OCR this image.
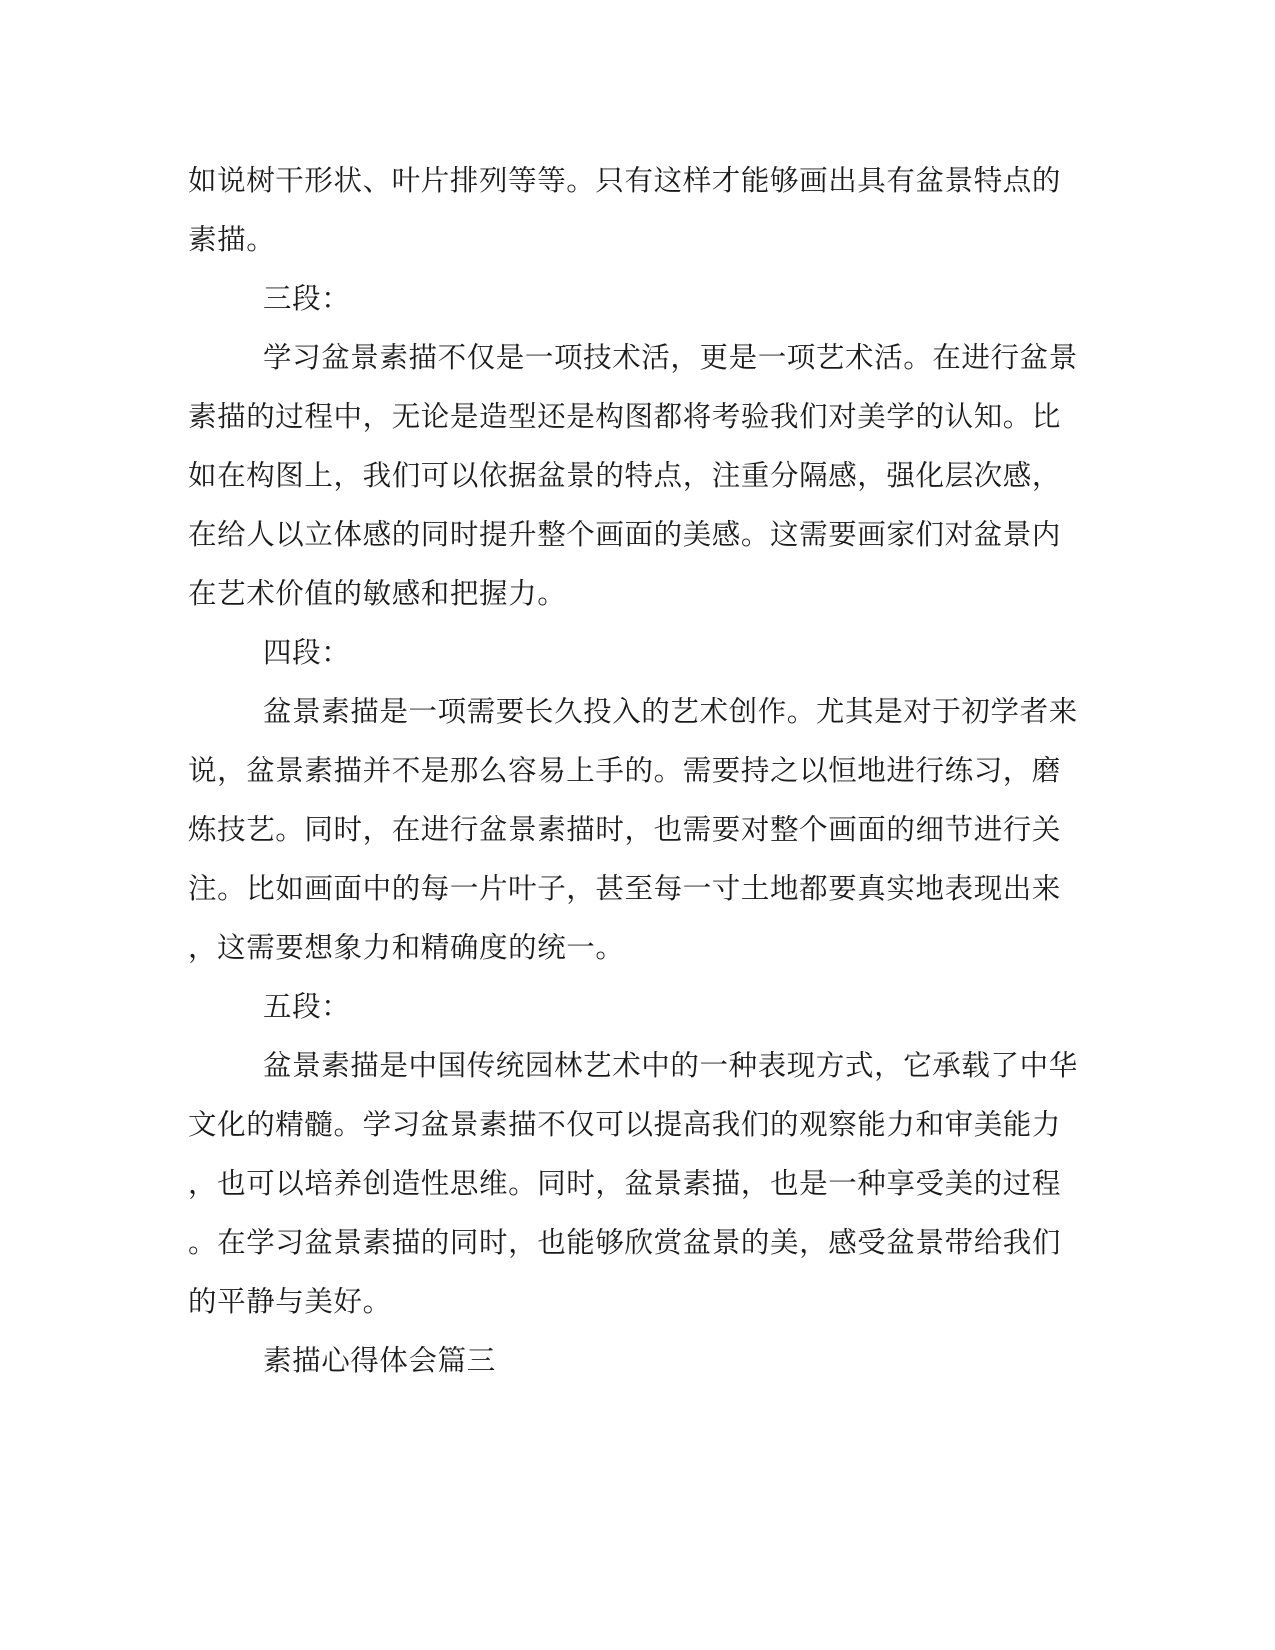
如说树干形状、叶片排列等等。只有这样才能够画出具有盆景特点的
素描。
三段：
学习盆景素描不仅是一项技术活，更是一项艺术活。在进行盆景
素描的过程中，无论是造型还是构图都将考验我们对美学的认知。比
如在构图上，我们可以依据盆景的特点，注重分隔感，强化层次感，
在给人以立体感的同时提升整个画面的美感。这需要画家们对盆景内
在艺术价值的敏感和把握力。
四段：
盆景素描是一项需要长久投入的艺术创作。尤其是对于初学者来
说，盆景素描并不是那么容易上手的。需要持之以恒地进行练习，磨
炼技艺。同时，在进行盆景素描时，也需要对整个画面的细节进行关
注。比如画面中的每一片叶子，甚至每一寸土地都要真实地表现出来
，这需要想象力和精确度的统一。
五段：
盆景素描是中国传统园林艺术中的一种表现方式，它承载了中华
文化的精髓。学习盆景素描不仅可以提高我们的观察能力和审美能力
，也可以培养创造性思维。同时，盆景素描，也是一种享受美的过程
。在学习盆景素描的同时，也能够欣赏盆景的美，感受盆景带给我们
的平静与美好。
素描心得体会篇三
